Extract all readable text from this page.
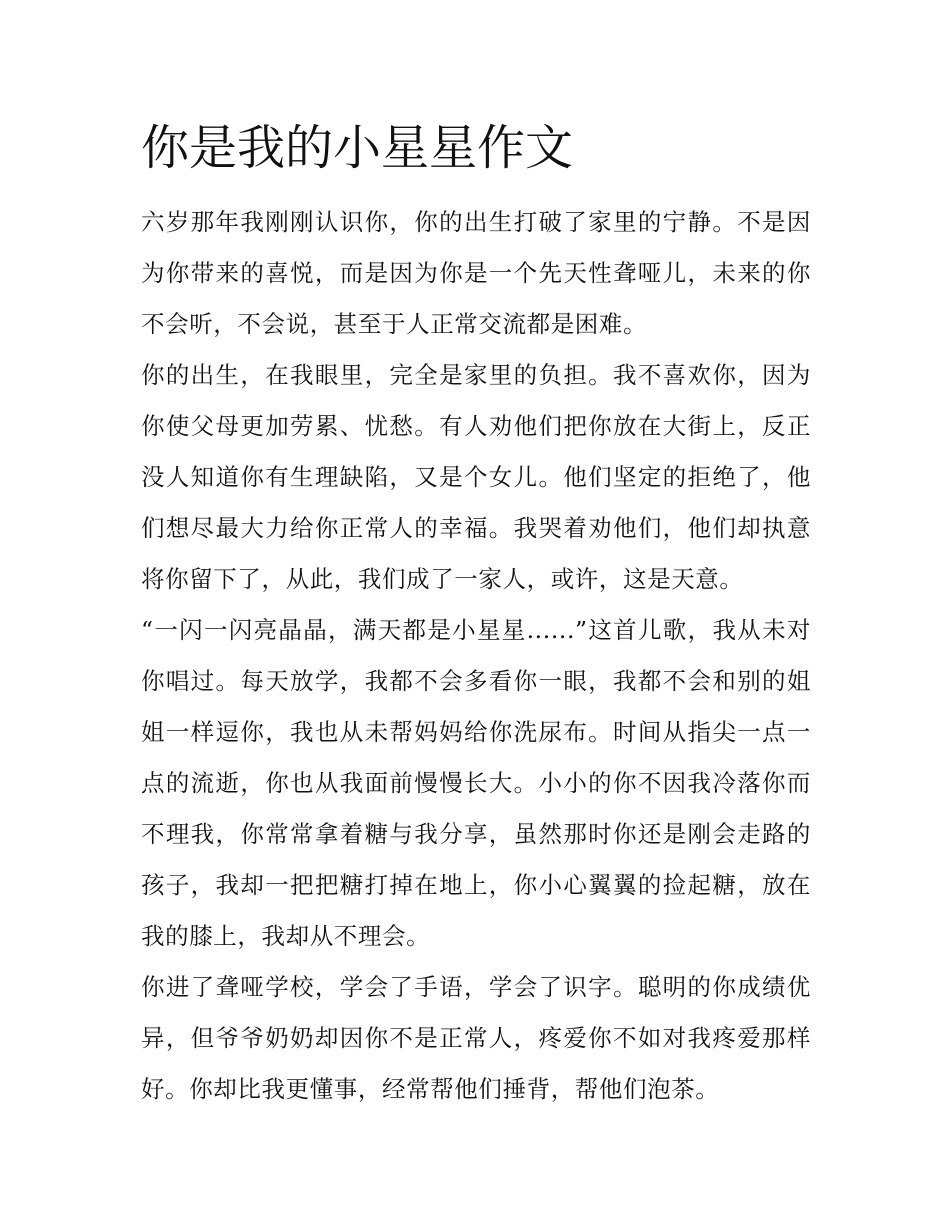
你是我的小星星作文

六岁那年我刚刚认识你，你的出生打破了家里的宁静。不是因为你带来的喜悦，而是因为你是一个先天性聋哑儿，未来的你不会听，不会说，甚至于人正常交流都是困难。

你的出生，在我眼里，完全是家里的负担。我不喜欢你，因为你使父母更加劳累、忧愁。有人劝他们把你放在大街上，反正没人知道你有生理缺陷，又是个女儿。他们坚定的拒绝了，他们想尽最大力给你正常人的幸福。我哭着劝他们，他们却执意将你留下了，从此，我们成了一家人，或许，这是天意。

“一闪一闪亮晶晶，满天都是小星星......”这首儿歌，我从未对你唱过。每天放学，我都不会多看你一眼，我都不会和别的姐姐一样逗你，我也从未帮妈妈给你洗尿布。时间从指尖一点一点的流逝，你也从我面前慢慢长大。小小的你不因我冷落你而不理我，你常常拿着糖与我分享，虽然那时你还是刚会走路的孩子，我却一把把糖打掉在地上，你小心翼翼的捡起糖，放在我的膝上，我却从不理会。

你进了聋哑学校，学会了手语，学会了识字。聪明的你成绩优异，但爷爷奶奶却因你不是正常人，疼爱你不如对我疼爱那样好。你却比我更懂事，经常帮他们捶背，帮他们泡茶。
